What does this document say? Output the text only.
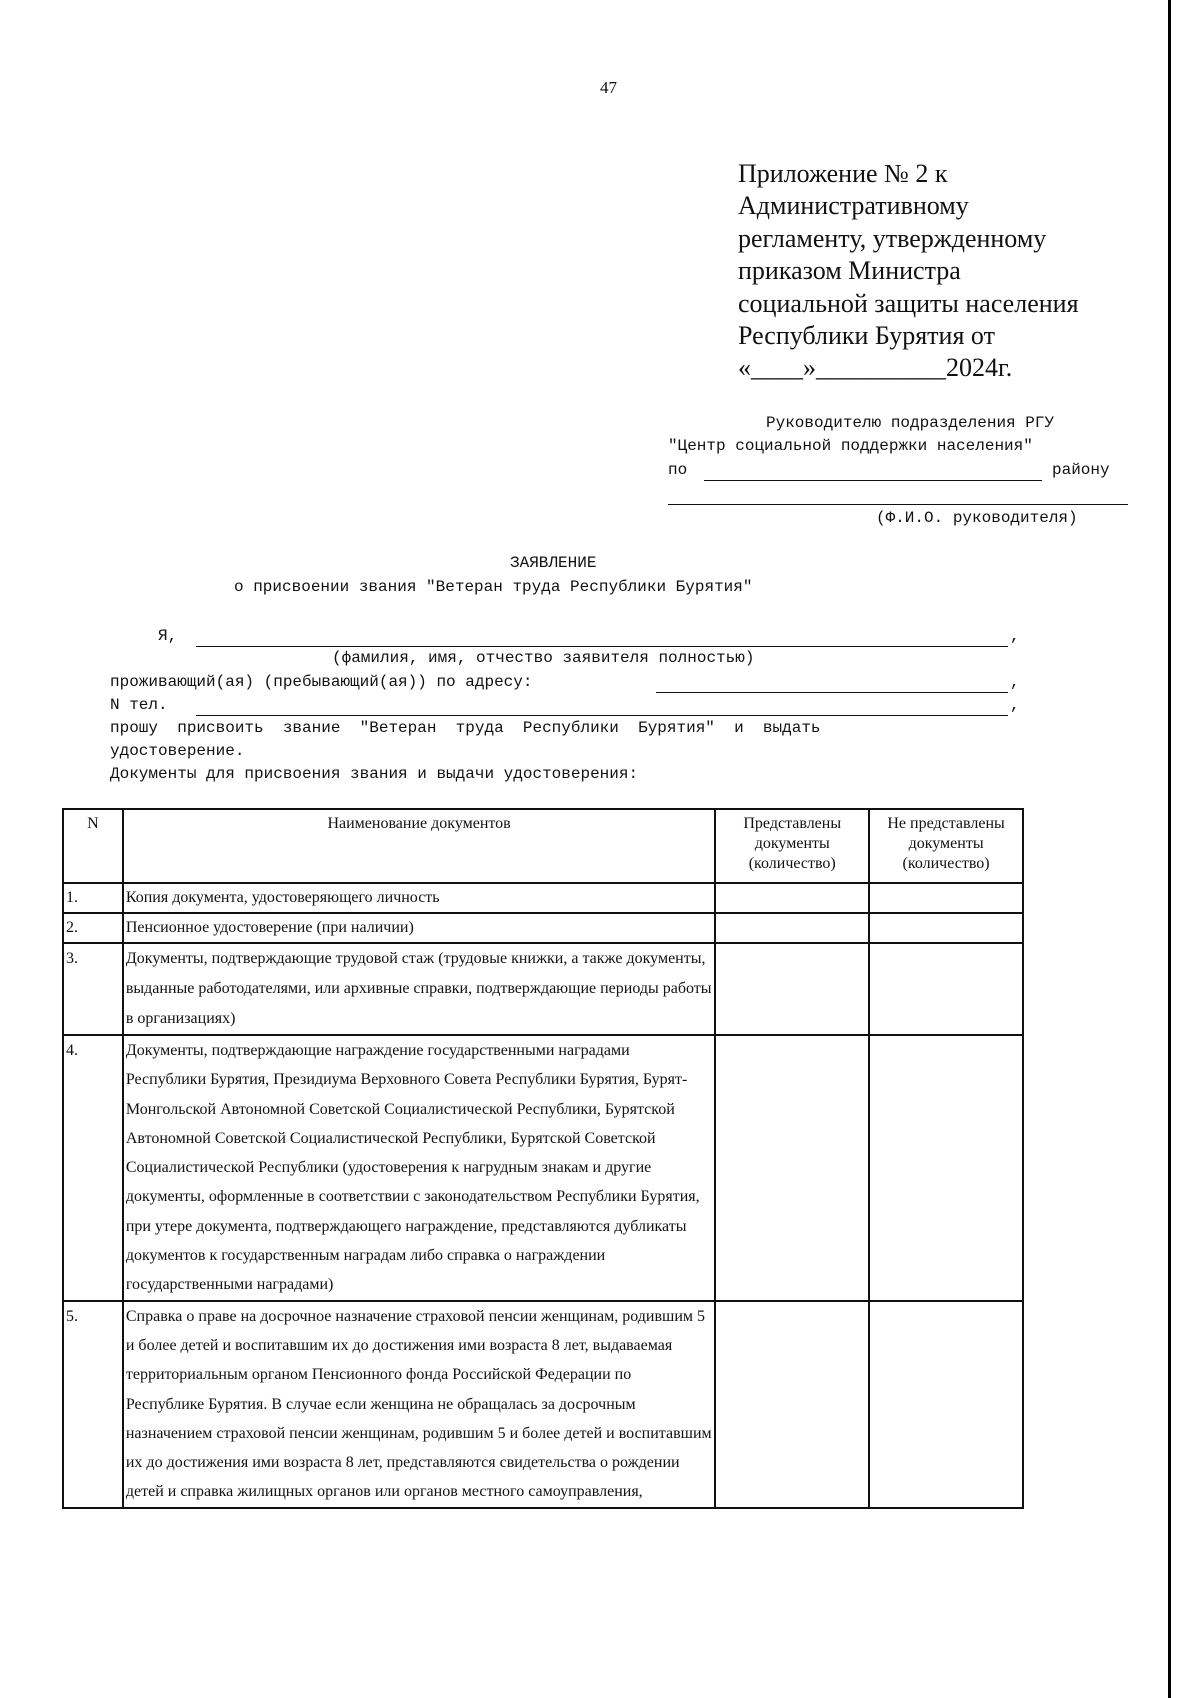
47
Приложение № 2 к
Административному
регламенту, утвержденному
приказом Министра
социальной защиты населения
Республики Бурятия от
«____»__________2024г.
Руководителю подразделения РГУ
"Центр социальной поддержки населения"
по	району
(Ф.И.О. руководителя)
ЗАЯВЛЕНИЕ
о присвоении звания "Ветеран труда Республики Бурятия"
Я,	,
(фамилия, имя, отчество заявителя полностью)
проживающий(ая) (пребывающий(ая)) по адресу:	,
N тел.	,
прошу  присвоить  звание  "Ветеран  труда  Республики  Бурятия"  и  выдать
удостоверение.
Документы для присвоения звания и выдачи удостоверения:
N	Наименование документов	Представлены документы (количество)	Не представлены документы (количество)
1.	Копия документа, удостоверяющего личность		
2.	Пенсионное удостоверение (при наличии)		
3.	Документы, подтверждающие трудовой стаж (трудовые книжки, а также документы, выданные работодателями, или архивные справки, подтверждающие периоды работы в организациях)		
4.	Документы, подтверждающие награждение государственными наградами Республики Бурятия, Президиума Верховного Совета Республики Бурятия, Бурят-Монгольской Автономной Советской Социалистической Республики, Бурятской Автономной Советской Социалистической Республики, Бурятской Советской Социалистической Республики (удостоверения к нагрудным знакам и другие документы, оформленные в соответствии с законодательством Республики Бурятия, при утере документа, подтверждающего награждение, представляются дубликаты документов к государственным наградам либо справка о награждении государственными наградами)		
5.	Справка о праве на досрочное назначение страховой пенсии женщинам, родившим 5 и более детей и воспитавшим их до достижения ими возраста 8 лет, выдаваемая территориальным органом Пенсионного фонда Российской Федерации по Республике Бурятия. В случае если женщина не обращалась за досрочным назначением страховой пенсии женщинам, родившим 5 и более детей и воспитавшим их до достижения ими возраста 8 лет, представляются свидетельства о рождении детей и справка жилищных органов или органов местного самоуправления,		
